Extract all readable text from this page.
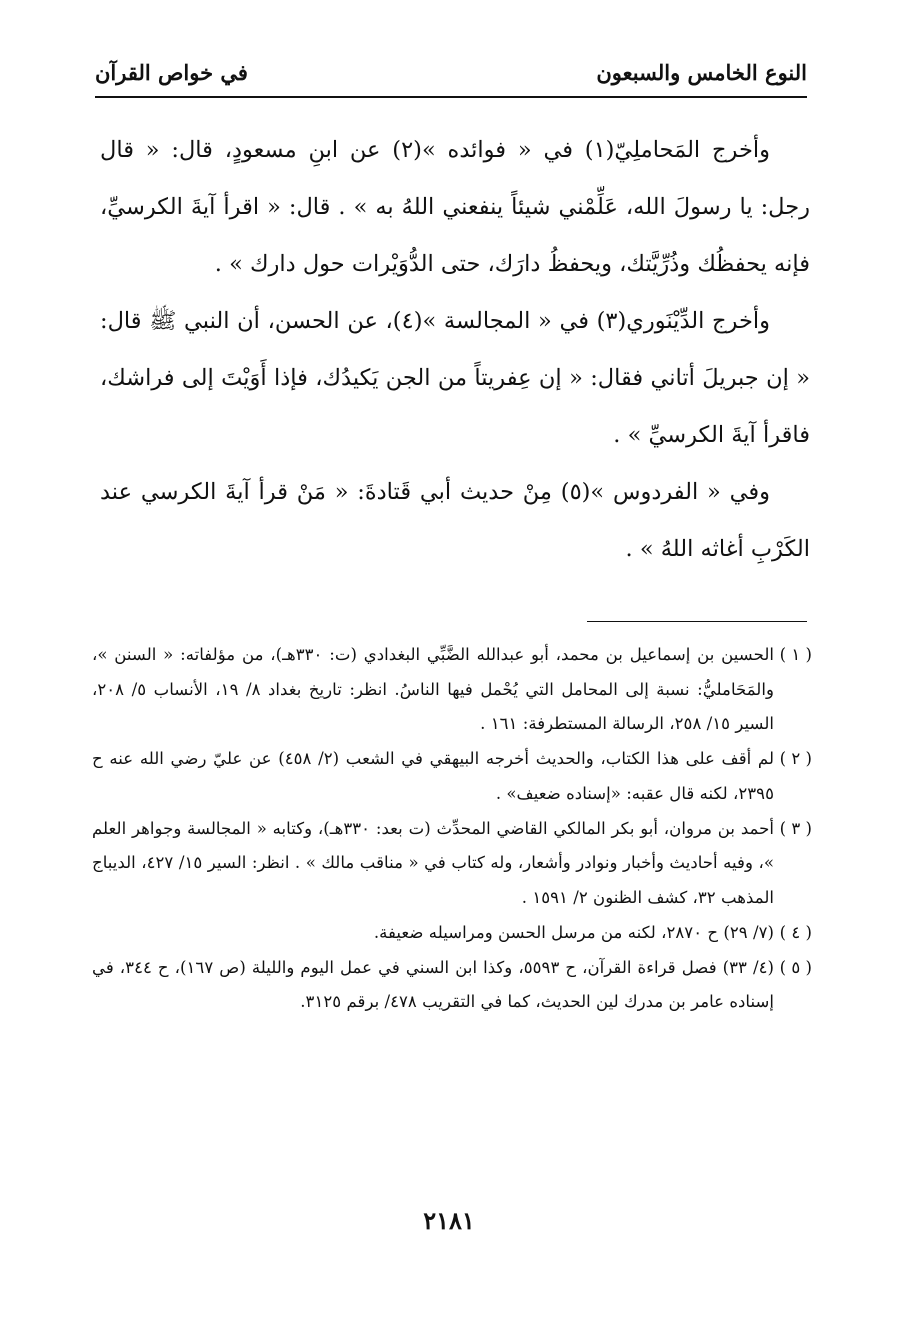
النوع الخامس والسبعون
في خواص القرآن

وأخرج المَحاملِيّ(١) في « فوائده »(٢) عن ابنِ مسعودٍ، قال: « قال رجل: يا رسولَ الله، عَلِّمْني شيئاً ينفعني اللهُ به » . قال: « اقرأ آيةَ الكرسيِّ، فإنه يحفظُك وذُرِّيَّتك، ويحفظُ دارَك، حتى الدُّوَيْرات حول دارك » .

وأخرج الدِّيْنَوري(٣) في « المجالسة »(٤)، عن الحسن، أن النبي ﷺ قال: « إن جبريلَ أتاني فقال: « إن عِفريتاً من الجن يَكيدُك، فإذا أَوَيْتَ إلى فراشك، فاقرأ آيةَ الكرسيِّ » .

وفي « الفردوس »(٥) مِنْ حديث أبي قَتادةَ: « مَنْ قرأ آيةَ الكرسي عند الكَرْبِ أغاثه اللهُ » .

( ١ )الحسين بن إسماعيل بن محمد، أبو عبدالله الضَّبِّي البغدادي (ت: ٣٣٠هـ)، من مؤلفاته: « السنن »، والمَحَامليُّ: نسبة إلى المحامل التي يُحْمل فيها الناسُ. انظر: تاريخ بغداد ٨/ ١٩، الأنساب ٥/ ٢٠٨، السير ١٥/ ٢٥٨، الرسالة المستطرفة: ١٦١ .

( ٢ )لم أقف على هذا الكتاب، والحديث أخرجه البيهقي في الشعب (٢/ ٤٥٨) عن عليّ رضي الله عنه ح ٢٣٩٥، لكنه قال عقبه: «إسناده ضعيف» .

( ٣ )أحمد بن مروان، أبو بكر المالكي القاضي المحدِّث (ت بعد: ٣٣٠هـ)، وكتابه « المجالسة وجواهر العلم »، وفيه أحاديث وأخبار ونوادر وأشعار، وله كتاب في « مناقب مالك » . انظر: السير ١٥/ ٤٢٧، الديباج المذهب ٣٢، كشف الظنون ٢/ ١٥٩١ .

( ٤ )(٧/ ٢٩) ح ٢٨٧٠، لكنه من مرسل الحسن ومراسيله ضعيفة.

( ٥ )(٤/ ٣٣) فصل قراءة القرآن، ح ٥٥٩٣، وكذا ابن السني في عمل اليوم والليلة (ص ١٦٧)، ح ٣٤٤، في إسناده عامر بن مدرك لين الحديث، كما في التقريب ٤٧٨/ برقم ٣١٢٥.

٢١٨١
